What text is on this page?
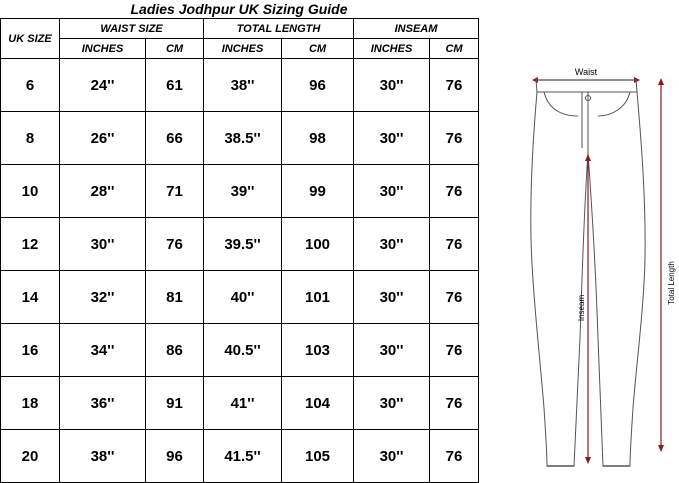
Ladies Jodhpur UK Sizing Guide
UK SIZE	WAIST SIZE		TOTAL LENGTH		INSEAM	
	INCHES	CM	INCHES	CM	INCHES	CM
6	24''	61	38''	96	30''	76
8	26''	66	38.5''	98	30''	76
10	28''	71	39''	99	30''	76
12	30''	76	39.5''	100	30''	76
14	32''	81	40''	101	30''	76
16	34''	86	40.5''	103	30''	76
18	36''	91	41''	104	30''	76
20	38''	96	41.5''	105	30''	76
Waist
Inseam
Total Length
